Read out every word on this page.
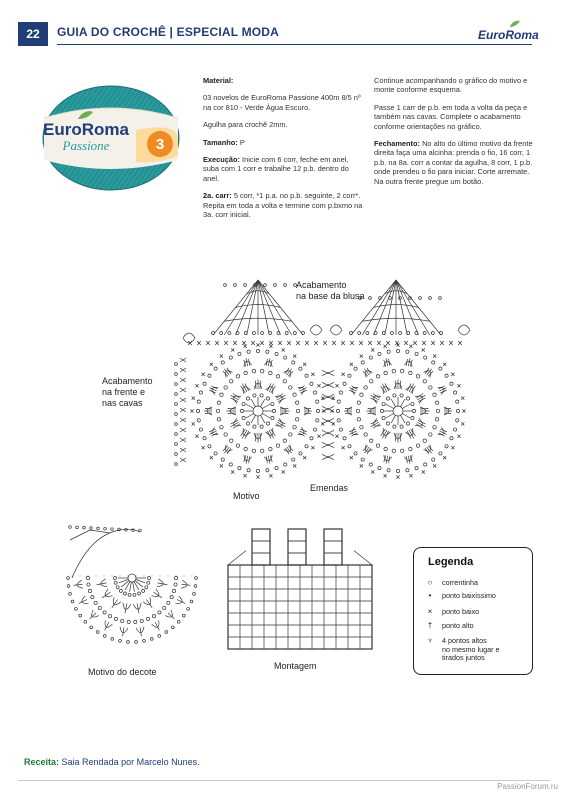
22	GUIA DO CROCHÊ | ESPECIAL MODA	EuroRoma
3
EuroRoma
Passione

Material:

03 novelos de EuroRoma Passione 400m 8/5 nº na cor 810 - Verde Água Escuro.

Agulha para crochê 2mm.

Tamanho: P

Execução: Inicie com 6 corr, feche em anel, suba com 1 corr e trabalhe 12 p.b. dentro do anel.

2a. carr: 5 corr, *1 p.a. no p.b. seguinte, 2 corr*. Repita em toda a volta e termine com p.bxmo na 3a. corr inicial.

Continue acompanhando o gráfico do motivo e monte conforme esquema.

Passe 1 carr de p.b. em toda a volta da peça e também nas cavas. Complete o acabamento conforme orientações no gráfico.

Fechamento: No alto do último motivo da frente direita faça uma alcinha: prenda o fio, 16 corr, 1 p.b. na 8a. corr a contar da agulha, 8 corr, 1 p.b. onde prendeu o fio para iniciar. Corte arremate. Na outra frente pregue um botão.

Acabamento
na base da blusa
Acabamento
na frente e
nas cavas
Motivo
Emendas
Motivo do decote
Montagem
Legenda
○	correntinha
•	ponto baixíssimo
×	ponto baixo
†	ponto alto
♆	4 pontos altos
no mesmo lugar e
tirados juntos
Receita: Saia Rendada por Marcelo Nunes.
PassionForum.ru
